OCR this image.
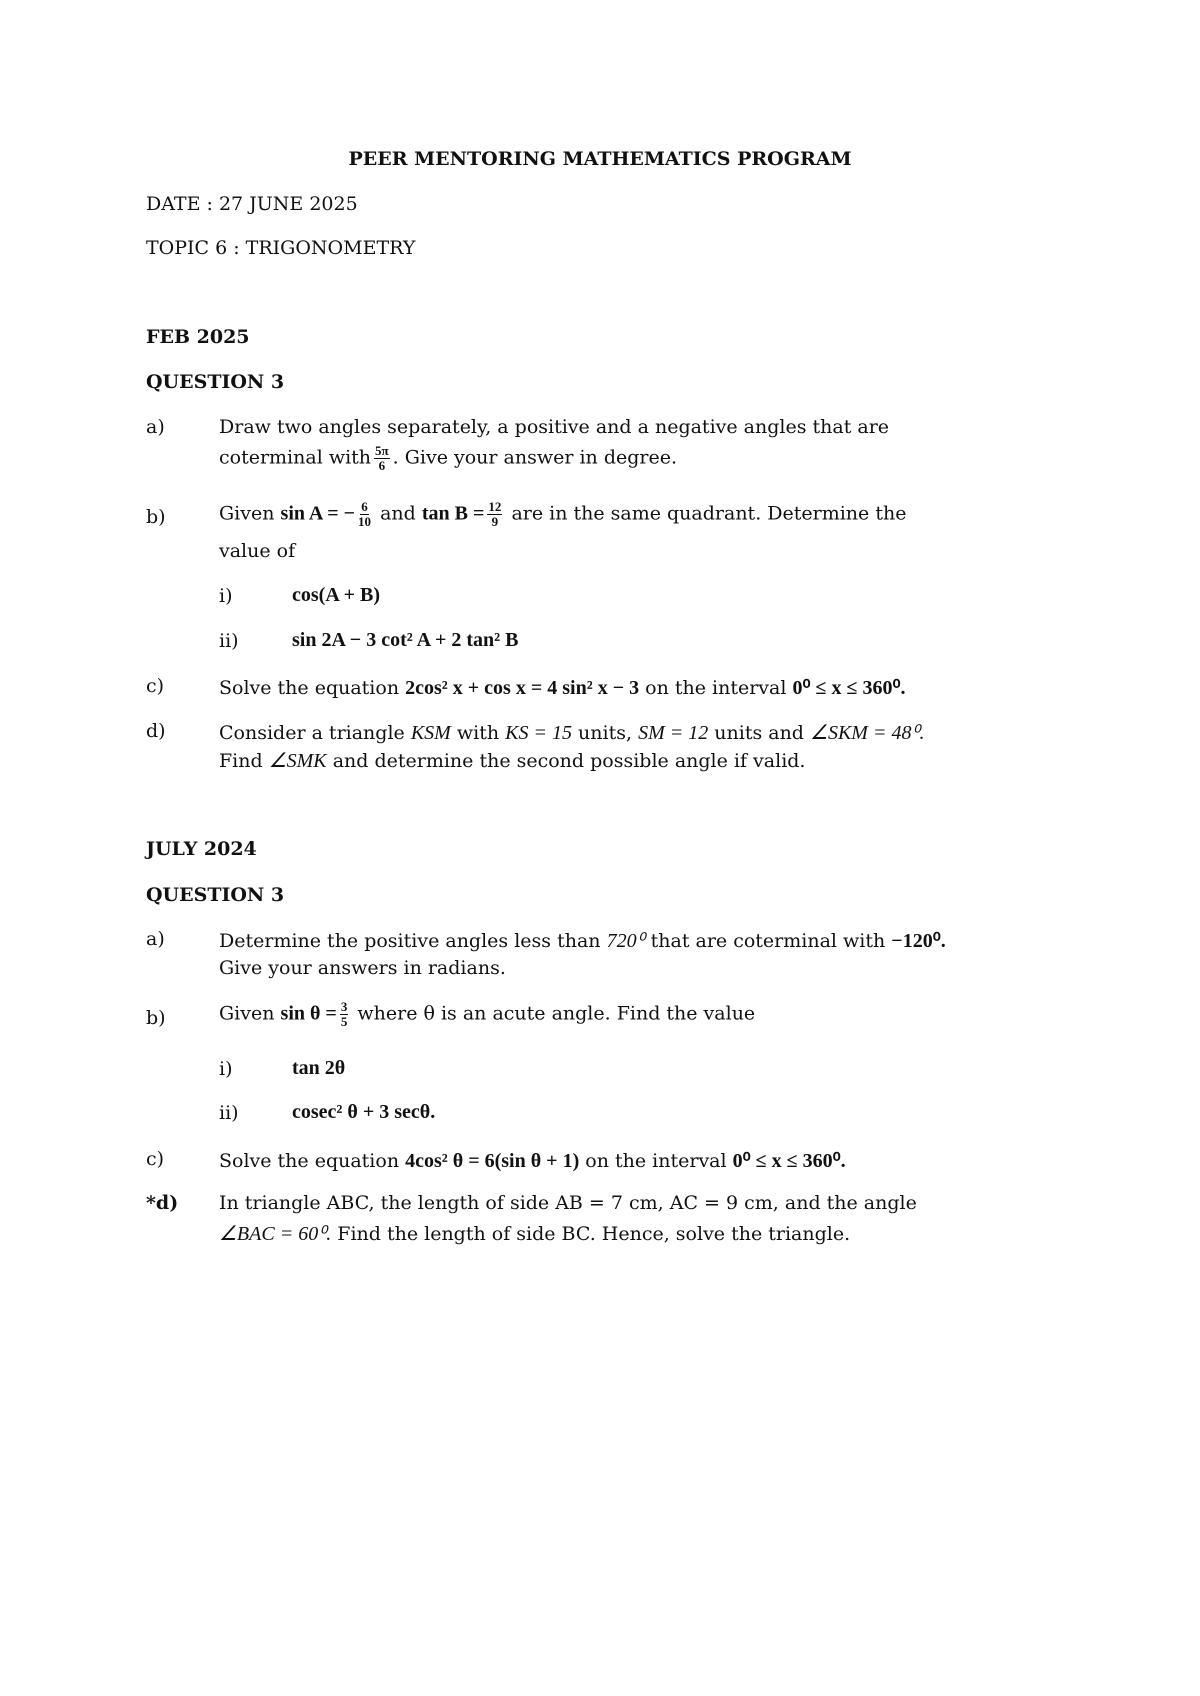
PEER MENTORING MATHEMATICS PROGRAM
DATE : 27 JUNE 2025
TOPIC 6 : TRIGONOMETRY
FEB 2025
QUESTION 3
a)	Draw two angles separately, a positive and a negative angles that are
coterminal with $\frac{5\pi}{6}$ . Give your answer in degree.
b)	Given sin A = − $\frac{6}{10}$ and $\tan B = \frac{12}{9}$ are in the same quadrant. Determine the
value of
i)	cos(A + B)
ii)	sin 2A − 3 cot² A + 2 tan² B
c)	Solve the equation 2cos² x + cos x = 4 sin² x − 3 on the interval 0⁰ ≤ x ≤ 360⁰.
d)	Consider a triangle KSM with KS = 15 units, SM = 12 units and ∠SKM = 48⁰.
Find ∠SMK and determine the second possible angle if valid.
JULY 2024
QUESTION 3
a)	Determine the positive angles less than 720⁰ that are coterminal with −120⁰.
Give your answers in radians.
b)	Given $\sin \theta = \frac{3}{5}$ where θ is an acute angle. Find the value
i)	tan 2θ
ii)	cosec² θ + 3 secθ.
c)	Solve the equation 4cos² θ = 6(sin θ + 1) on the interval 0⁰ ≤ x ≤ 360⁰.
*d) In triangle ABC, the length of side AB = 7 cm, AC = 9 cm, and the angle
∠BAC = 60⁰. Find the length of side BC. Hence, solve the triangle.
